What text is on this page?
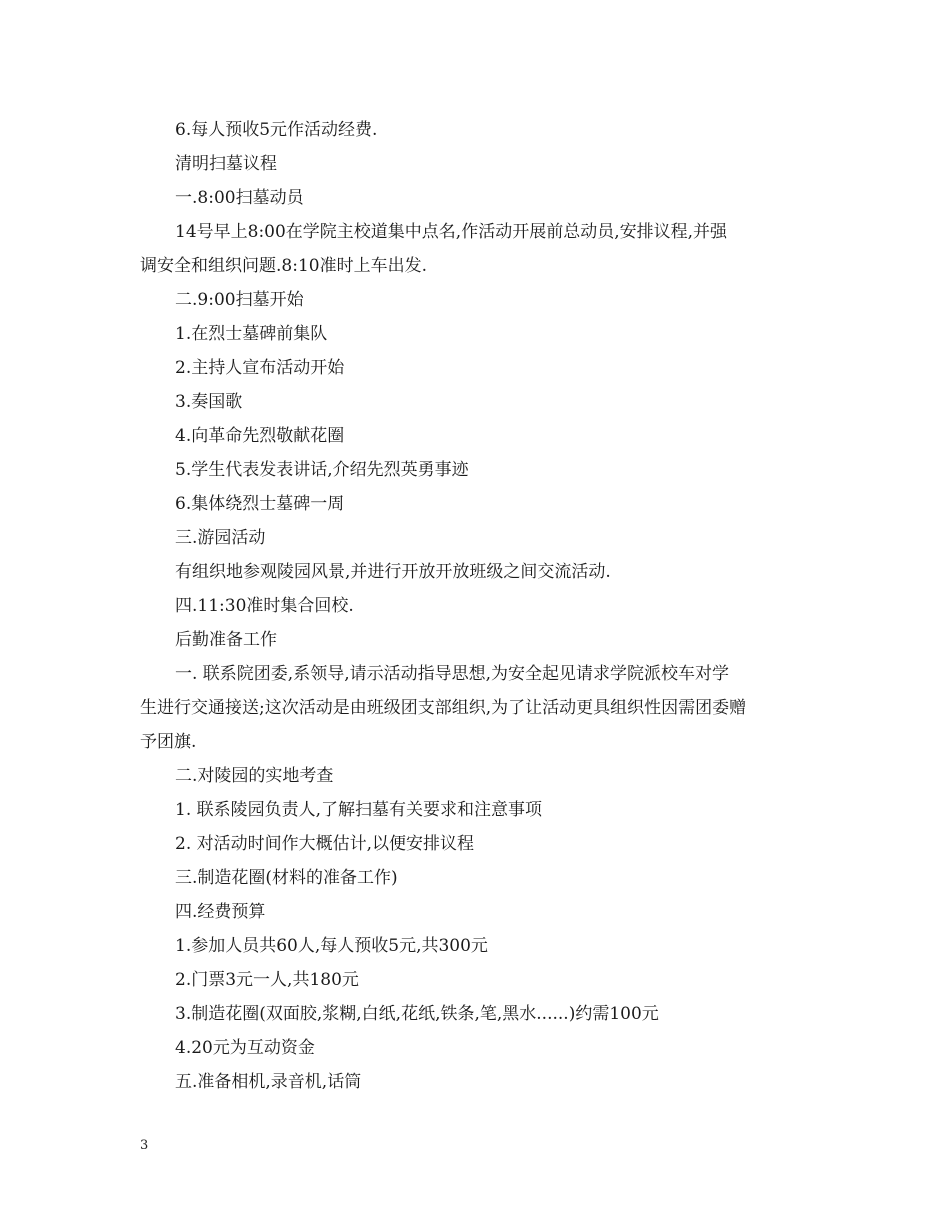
6.每人预收5元作活动经费.
清明扫墓议程
一.8:00扫墓动员
14号早上8:00在学院主校道集中点名,作活动开展前总动员,安排议程,并强
调安全和组织问题.8:10准时上车出发.
二.9:00扫墓开始
1.在烈士墓碑前集队
2.主持人宣布活动开始
3.奏国歌
4.向革命先烈敬献花圈
5.学生代表发表讲话,介绍先烈英勇事迹
6.集体绕烈士墓碑一周
三.游园活动
有组织地参观陵园风景,并进行开放开放班级之间交流活动.
四.11:30准时集合回校.
后勤准备工作
一. 联系院团委,系领导,请示活动指导思想,为安全起见请求学院派校车对学
生进行交通接送;这次活动是由班级团支部组织,为了让活动更具组织性因需团委赠
予团旗.
二.对陵园的实地考查
1. 联系陵园负责人,了解扫墓有关要求和注意事项
2. 对活动时间作大概估计,以便安排议程
三.制造花圈(材料的准备工作)
四.经费预算
1.参加人员共60人,每人预收5元,共300元
2.门票3元一人,共180元
3.制造花圈(双面胶,浆糊,白纸,花纸,铁条,笔,黑水......)约需100元
4.20元为互动资金
五.准备相机,录音机,话筒
3
